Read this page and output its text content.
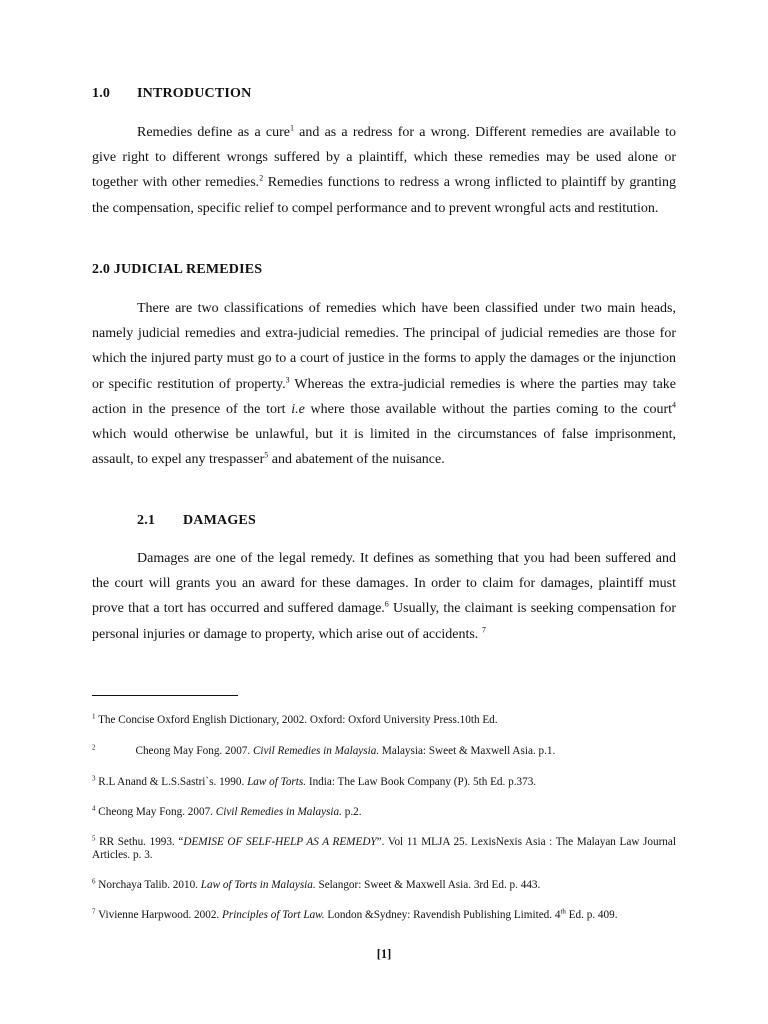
1.0 INTRODUCTION

Remedies define as a cure$^1$ and as a redress for a wrong. Different remedies are available to give right to different wrongs suffered by a plaintiff, which these remedies may be used alone or together with other remedies.$^2$ Remedies functions to redress a wrong inflicted to plaintiff by granting the compensation, specific relief to compel performance and to prevent wrongful acts and restitution.

2.0 JUDICIAL REMEDIES

There are two classifications of remedies which have been classified under two main heads, namely judicial remedies and extra-judicial remedies. The principal of judicial remedies are those for which the injured party must go to a court of justice in the forms to apply the damages or the injunction or specific restitution of property.$^3$ Whereas the extra-judicial remedies is where the parties may take action in the presence of the tort i.e where those available without the parties coming to the court$^4$ which would otherwise be unlawful, but it is limited in the circumstances of false imprisonment, assault, to expel any trespasser$^5$ and abatement of the nuisance.

2.1 DAMAGES

Damages are one of the legal remedy. It defines as something that you had been suffered and the court will grants you an award for these damages. In order to claim for damages, plaintiff must prove that a tort has occurred and suffered damage.$^6$ Usually, the claimant is seeking compensation for personal injuries or damage to property, which arise out of accidents. $^7$

$^1$ The Concise Oxford English Dictionary, 2002. Oxford: Oxford University Press.10th Ed.

$^2$	Cheong May Fong. 2007. Civil Remedies in Malaysia. Malaysia: Sweet & Maxwell Asia. p.1.

$^3$ R.L Anand & L.S.Sastri`s. 1990. Law of Torts. India: The Law Book Company (P). 5th Ed. p.373.

$^4$ Cheong May Fong. 2007. Civil Remedies in Malaysia. p.2.

$^5$ RR Sethu. 1993. “DEMISE OF SELF-HELP AS A REMEDY”. Vol 11 MLJA 25. LexisNexis Asia : The Malayan Law Journal Articles. p. 3.

$^6$ Norchaya Talib. 2010. Law of Torts in Malaysia. Selangor: Sweet & Maxwell Asia. 3rd Ed. p. 443.

$^7$ Vivienne Harpwood. 2002. Principles of Tort Law. London &Sydney: Ravendish Publishing Limited. 4th Ed. p. 409.

[1]
